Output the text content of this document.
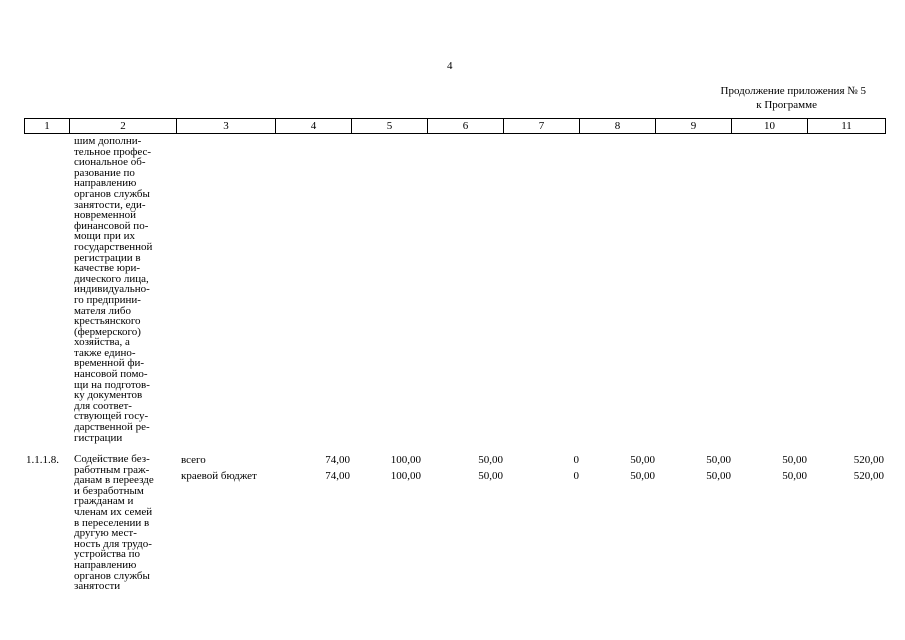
4
Продолжение приложения № 5
к Программе
1	2	3	4	5	6	7	8	9	10	11
шим дополни-
тельное профес-
сиональное об-
разование по
направлению
органов службы
занятости, еди-
новременной
финансовой по-
мощи при их
государственной
регистрации в
качестве юри-
дического лица,
индивидуально-
го предприни-
мателя либо
крестьянского
(фермерского)
хозяйства, а
также едино-
временной фи-
нансовой помо-
щи на подготов-
ку документов
для соответ-
ствующей госу-
дарственной ре-
гистрации
1.1.1.8. Содействие без-
работным граж-
данам в переезде
и безработным
гражданам и
членам их семей
в переселении в
другую мест-
ность для трудо-
устройства по
направлению
органов службы
занятости
всего	74,00	100,00	50,00	0	50,00	50,00	50,00	520,00
краевой бюджет	74,00	100,00	50,00	0	50,00	50,00	50,00	520,00
